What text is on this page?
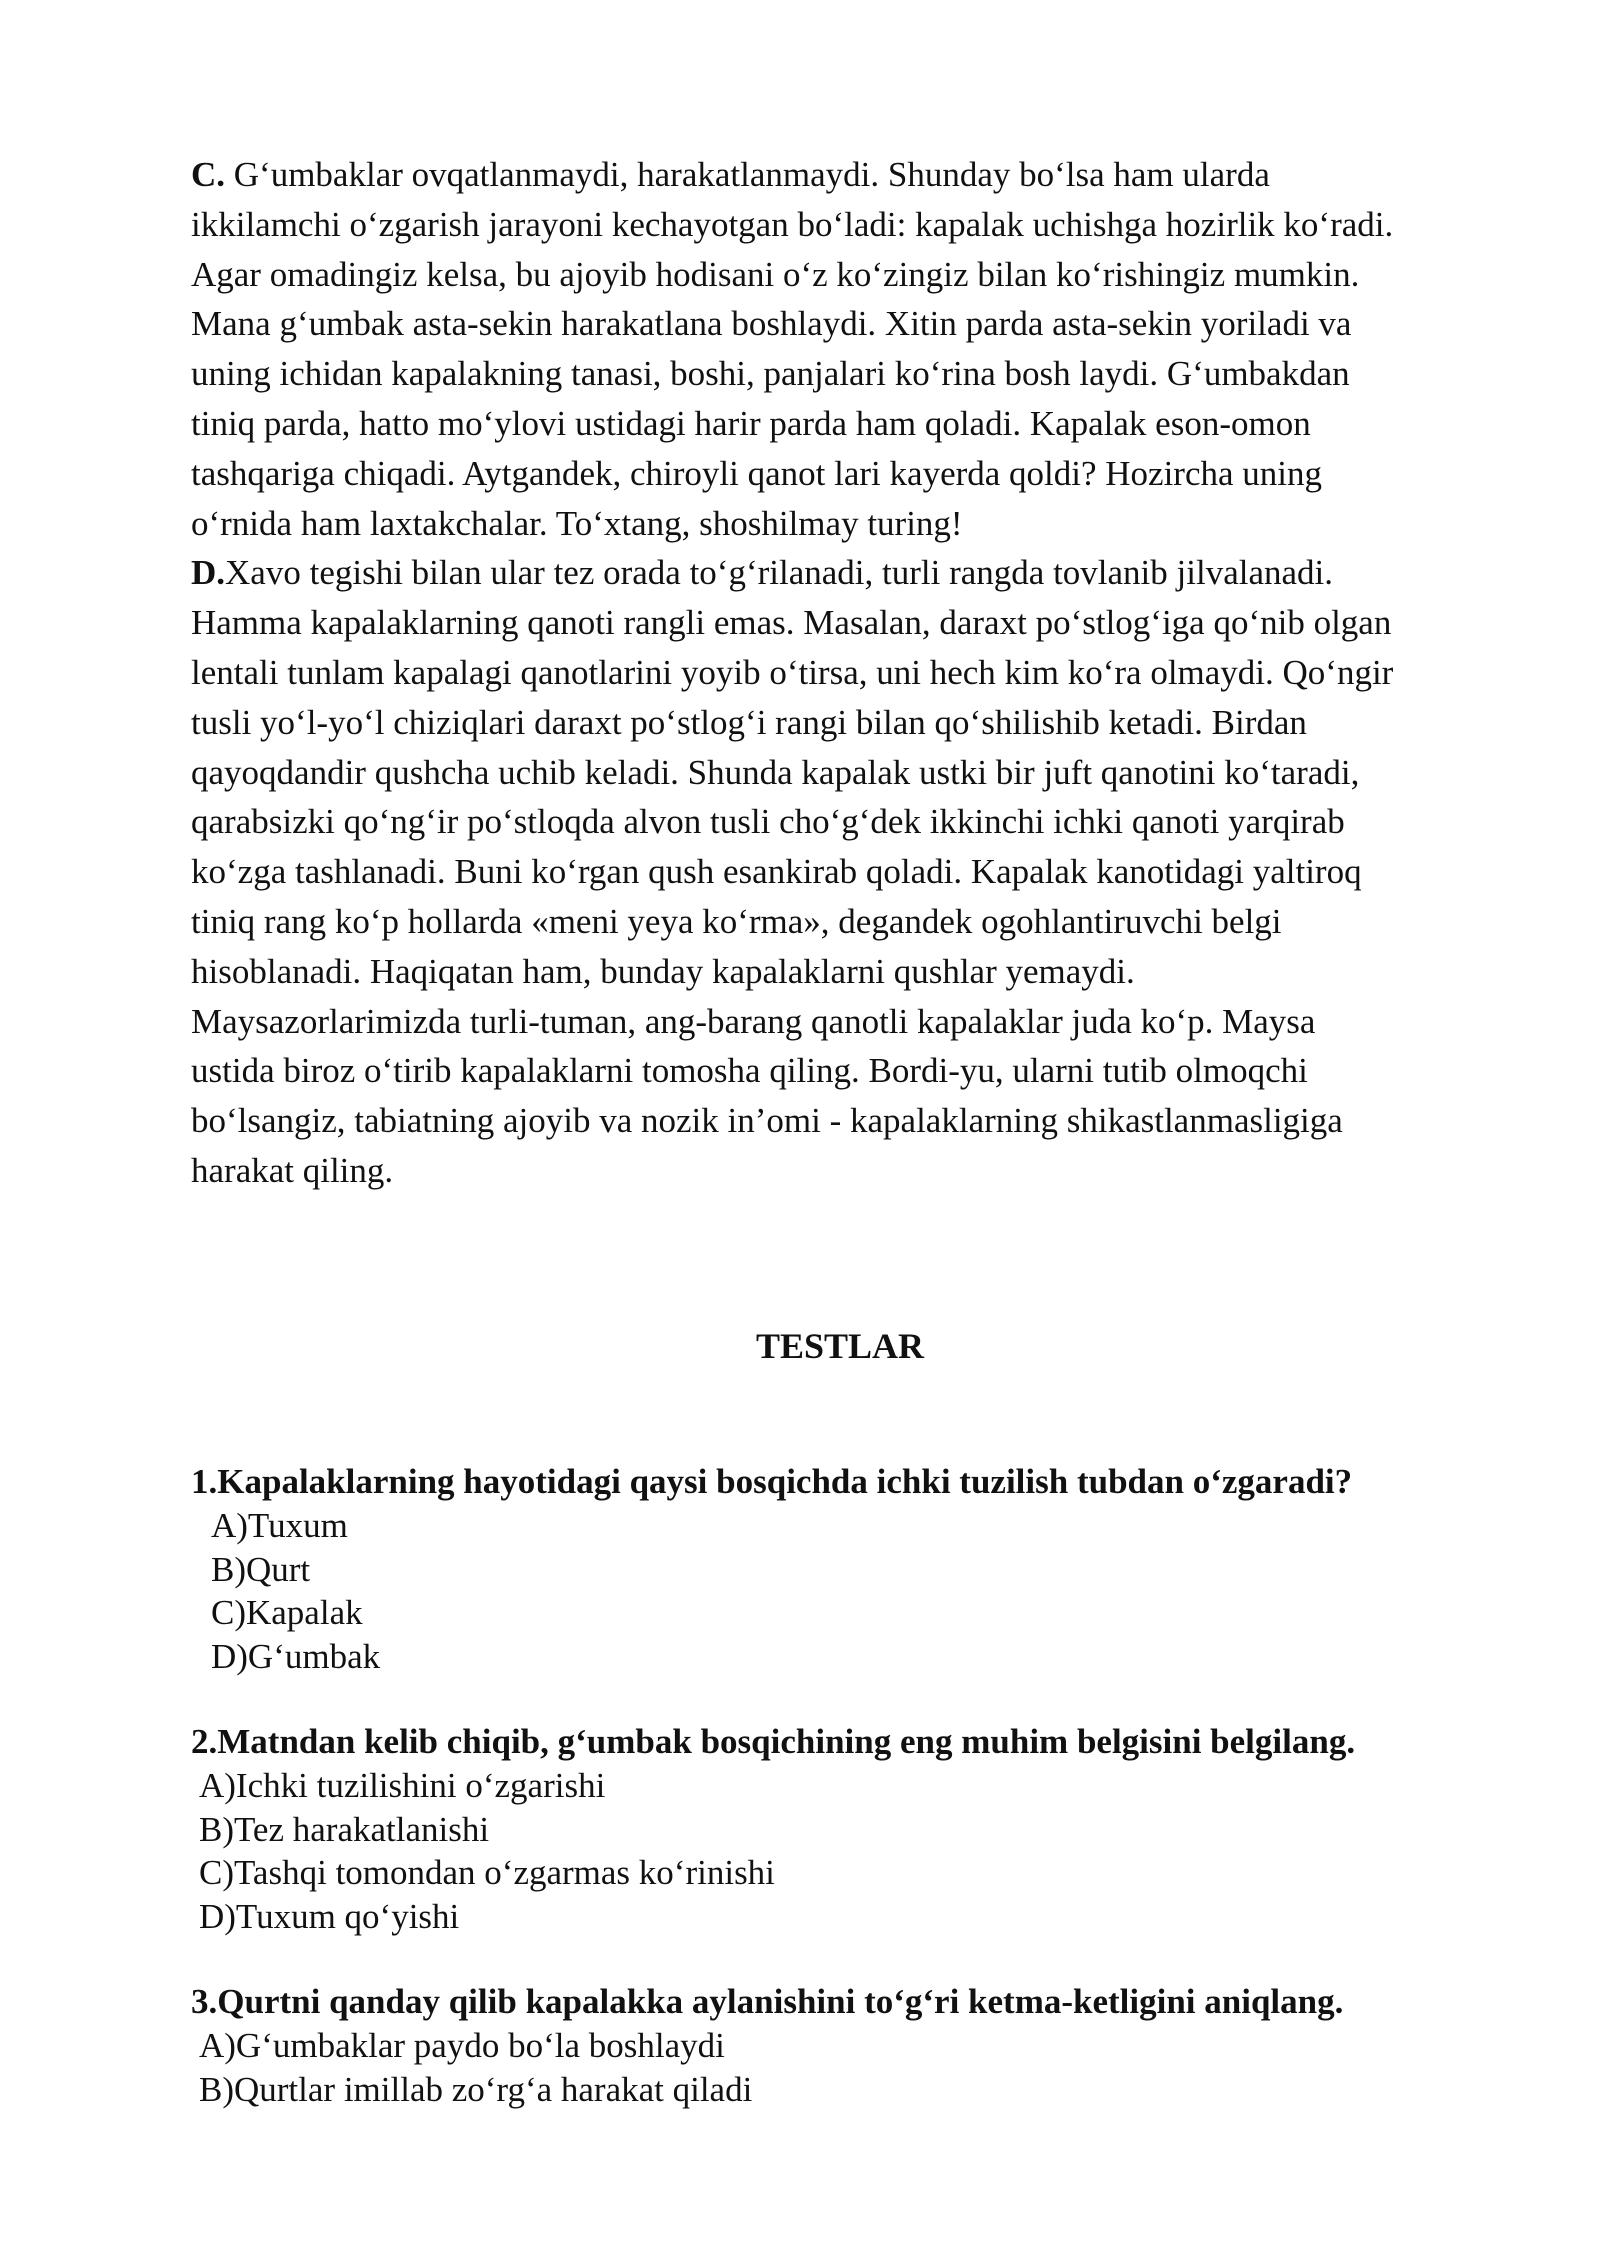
C. G‘umbaklar ovqatlanmaydi, harakatlanmaydi. Shunday bo‘lsa ham ularda

ikkilamchi o‘zgarish jarayoni kechayotgan bo‘ladi: kapalak uchishga hozirlik ko‘radi.

Agar omadingiz kelsa, bu ajoyib hodisani o‘z ko‘zingiz bilan ko‘rishingiz mumkin.

Mana g‘umbak asta-sekin harakatlana boshlaydi. Xitin parda asta-sekin yoriladi va

uning ichidan kapalakning tanasi, boshi, panjalari ko‘rina bosh laydi. G‘umbakdan

tiniq parda, hatto mo‘ylovi ustidagi harir parda ham qoladi. Kapalak eson-omon

tashqariga chiqadi. Aytgandek, chiroyli qanot lari kayerda qoldi? Hozircha uning

o‘rnida ham laxtakchalar. To‘xtang, shoshilmay turing!

D.Xavo tegishi bilan ular tez orada to‘g‘rilanadi, turli rangda tovlanib jilvalanadi.

Hamma kapalaklarning qanoti rangli emas. Masalan, daraxt po‘stlog‘iga qo‘nib olgan

lentali tunlam kapalagi qanotlarini yoyib o‘tirsa, uni hech kim ko‘ra olmaydi. Qo‘ngir

tusli yo‘l-yo‘l chiziqlari daraxt po‘stlog‘i rangi bilan qo‘shilishib ketadi. Birdan

qayoqdandir qushcha uchib keladi. Shunda kapalak ustki bir juft qanotini ko‘taradi,

qarabsizki qo‘ng‘ir po‘stloqda alvon tusli cho‘g‘dek ikkinchi ichki qanoti yarqirab

ko‘zga tashlanadi. Buni ko‘rgan qush esankirab qoladi. Kapalak kanotidagi yaltiroq

tiniq rang ko‘p hollarda «meni yeya ko‘rma», degandek ogohlantiruvchi belgi

hisoblanadi. Haqiqatan ham, bunday kapalaklarni qushlar yemaydi.

Maysazorlarimizda turli-tuman, ang-barang qanotli kapalaklar juda ko‘p. Maysa

ustida biroz o‘tirib kapalaklarni tomosha qiling. Bordi-yu, ularni tutib olmoqchi

bo‘lsangiz, tabiatning ajoyib va nozik in’omi - kapalaklarning shikastlanmasligiga

harakat qiling.

TESTLAR

1.Kapalaklarning hayotidagi qaysi bosqichda ichki tuzilish tubdan o‘zgaradi?

A)Tuxum
B)Qurt
C)Kapalak
D)G‘umbak

2.Matndan kelib chiqib, g‘umbak bosqichining eng muhim belgisini belgilang.

A)Ichki tuzilishini o‘zgarishi
B)Tez harakatlanishi
C)Tashqi tomondan o‘zgarmas ko‘rinishi
D)Tuxum qo‘yishi

3.Qurtni qanday qilib kapalakka aylanishini to‘g‘ri ketma-ketligini aniqlang.

A)G‘umbaklar paydo bo‘la boshlaydi
B)Qurtlar imillab zo‘rg‘a harakat qiladi
